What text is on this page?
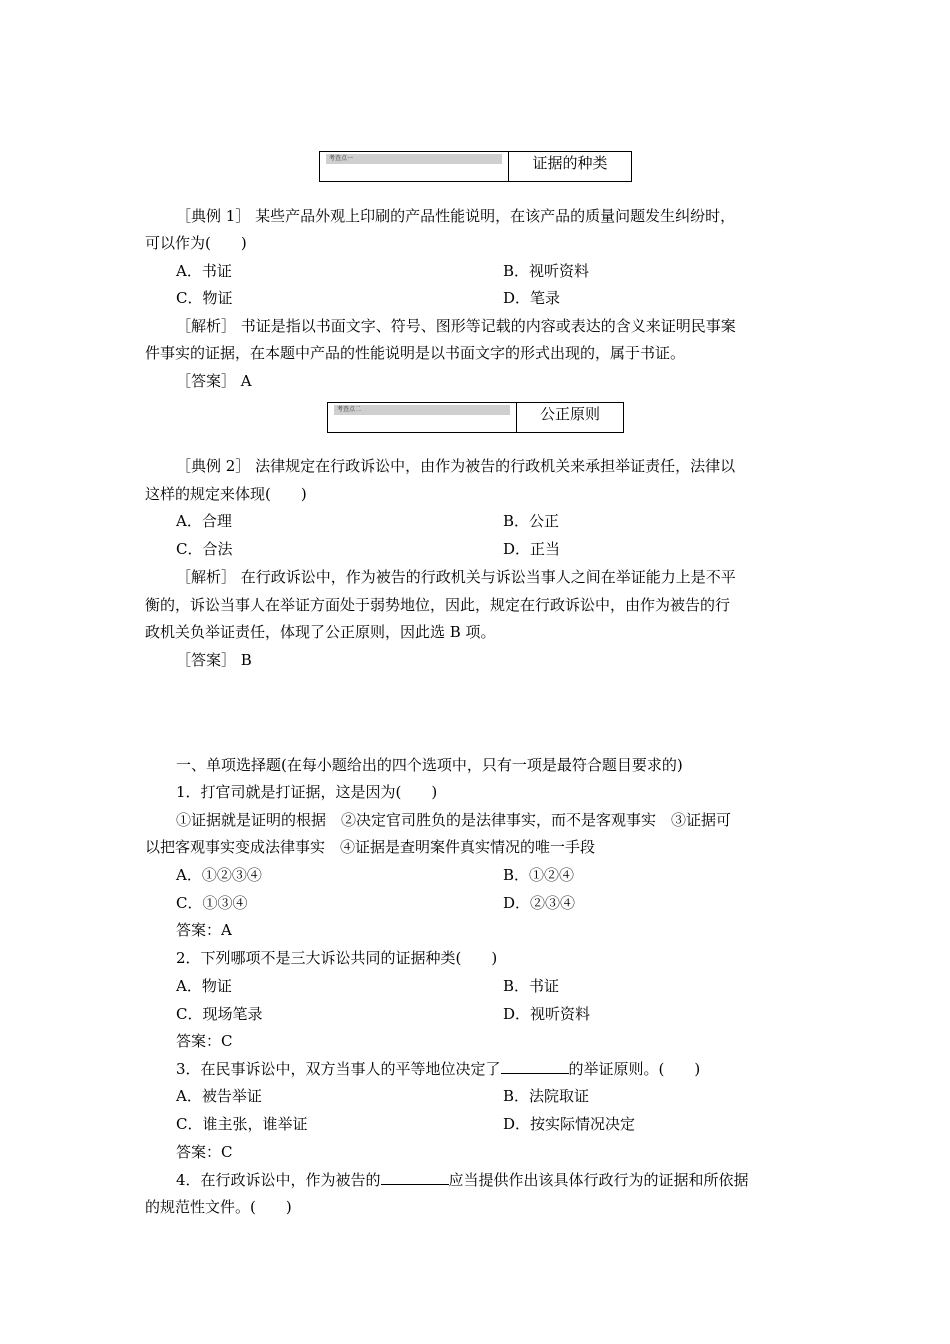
考查点一	证据的种类
［典例 1］ 某些产品外观上印刷的产品性能说明，在该产品的质量问题发生纠纷时，
可以作为(　　)
A．书证	B．视听资料
C．物证	D．笔录
［解析］ 书证是指以书面文字、符号、图形等记载的内容或表达的含义来证明民事案
件事实的证据，在本题中产品的性能说明是以书面文字的形式出现的，属于书证。
［答案］ A
考查点二	公正原则
［典例 2］ 法律规定在行政诉讼中，由作为被告的行政机关来承担举证责任，法律以
这样的规定来体现(　　)
A．合理	B．公正
C．合法	D．正当
［解析］ 在行政诉讼中，作为被告的行政机关与诉讼当事人之间在举证能力上是不平
衡的，诉讼当事人在举证方面处于弱势地位，因此，规定在行政诉讼中，由作为被告的行
政机关负举证责任，体现了公正原则，因此选 B 项。
［答案］ B
一、单项选择题(在每小题给出的四个选项中，只有一项是最符合题目要求的)
1．打官司就是打证据，这是因为(　　)
①证据就是证明的根据　②决定官司胜负的是法律事实，而不是客观事实　③证据可
以把客观事实变成法律事实　④证据是查明案件真实情况的唯一手段
A．①②③④	B．①②④
C．①③④	D．②③④
答案：A
2．下列哪项不是三大诉讼共同的证据种类(　　)
A．物证	B．书证
C．现场笔录	D．视听资料
答案：C
3．在民事诉讼中，双方当事人的平等地位决定了	的举证原则。(　　)
A．被告举证	B．法院取证
C．谁主张，谁举证	D．按实际情况决定
答案：C
4．在行政诉讼中，作为被告的	应当提供作出该具体行政行为的证据和所依据
的规范性文件。(　　)
